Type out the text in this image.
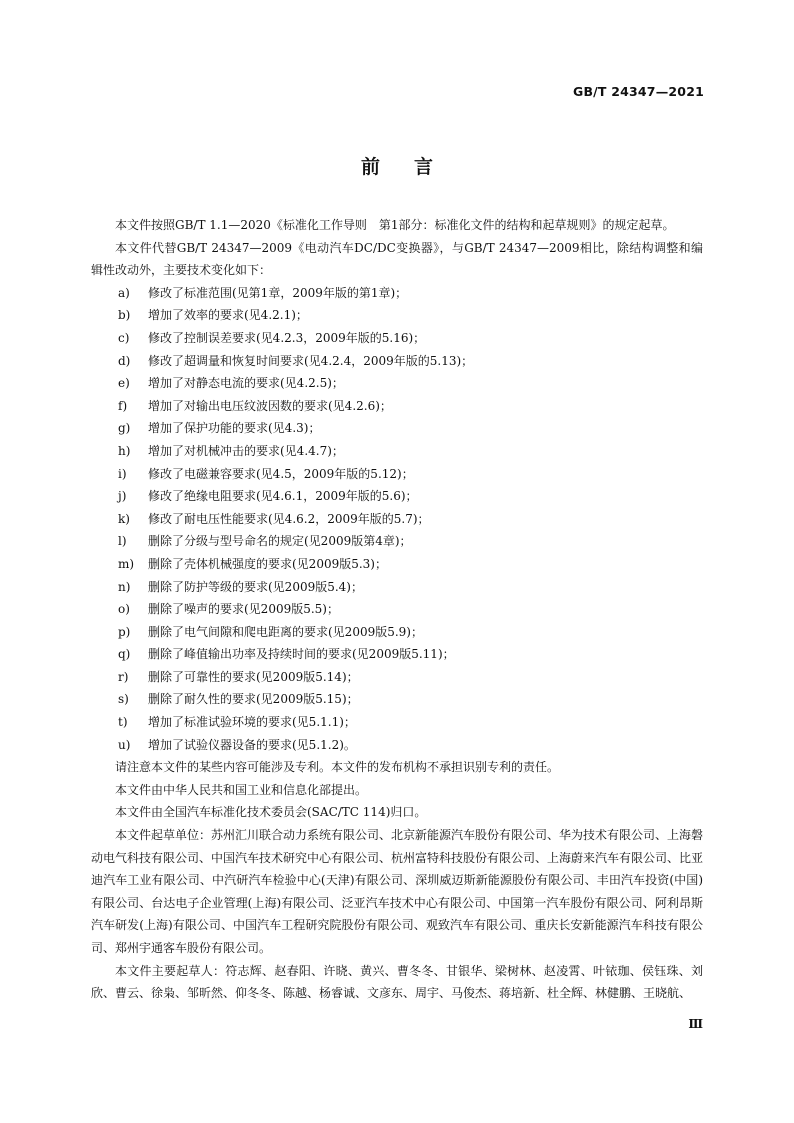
GB/T 24347—2021
前言

本文件按照GB/T 1.1—2020《标准化工作导则　第1部分：标准化文件的结构和起草规则》的规定起草。

本文件代替GB/T 24347—2009《电动汽车DC/DC变换器》，与GB/T 24347—2009相比，除结构调整和编辑性改动外，主要技术变化如下：

a) 修改了标准范围(见第1章，2009年版的第1章)；
b) 增加了效率的要求(见4.2.1)；
c) 修改了控制误差要求(见4.2.3，2009年版的5.16)；
d) 修改了超调量和恢复时间要求(见4.2.4，2009年版的5.13)；
e) 增加了对静态电流的要求(见4.2.5)；
f) 增加了对输出电压纹波因数的要求(见4.2.6)；
g) 增加了保护功能的要求(见4.3)；
h) 增加了对机械冲击的要求(见4.4.7)；
i) 修改了电磁兼容要求(见4.5，2009年版的5.12)；
j) 修改了绝缘电阻要求(见4.6.1，2009年版的5.6)；
k) 修改了耐电压性能要求(见4.6.2，2009年版的5.7)；
l) 删除了分级与型号命名的规定(见2009版第4章)；
m) 删除了壳体机械强度的要求(见2009版5.3)；
n) 删除了防护等级的要求(见2009版5.4)；
o) 删除了噪声的要求(见2009版5.5)；
p) 删除了电气间隙和爬电距离的要求(见2009版5.9)；
q) 删除了峰值输出功率及持续时间的要求(见2009版5.11)；
r) 删除了可靠性的要求(见2009版5.14)；
s) 删除了耐久性的要求(见2009版5.15)；
t) 增加了标准试验环境的要求(见5.1.1)；
u) 增加了试验仪器设备的要求(见5.1.2)。

请注意本文件的某些内容可能涉及专利。本文件的发布机构不承担识别专利的责任。

本文件由中华人民共和国工业和信息化部提出。

本文件由全国汽车标准化技术委员会(SAC/TC 114)归口。

本文件起草单位：苏州汇川联合动力系统有限公司、北京新能源汽车股份有限公司、华为技术有限公司、上海磐动电气科技有限公司、中国汽车技术研究中心有限公司、杭州富特科技股份有限公司、上海蔚来汽车有限公司、比亚迪汽车工业有限公司、中汽研汽车检验中心(天津)有限公司、深圳威迈斯新能源股份有限公司、丰田汽车投资(中国)有限公司、台达电子企业管理(上海)有限公司、泛亚汽车技术中心有限公司、中国第一汽车股份有限公司、阿利昂斯汽车研发(上海)有限公司、中国汽车工程研究院股份有限公司、观致汽车有限公司、重庆长安新能源汽车科技有限公司、郑州宇通客车股份有限公司。

本文件主要起草人：符志辉、赵春阳、许晓、黄兴、曹冬冬、甘银华、梁树林、赵凌霄、叶铱珈、侯钰珠、刘欣、曹云、徐枭、邹昕然、仰冬冬、陈越、杨睿诚、文彦东、周宇、马俊杰、蒋培新、杜全辉、林健鹏、王晓航、

Ⅲ
